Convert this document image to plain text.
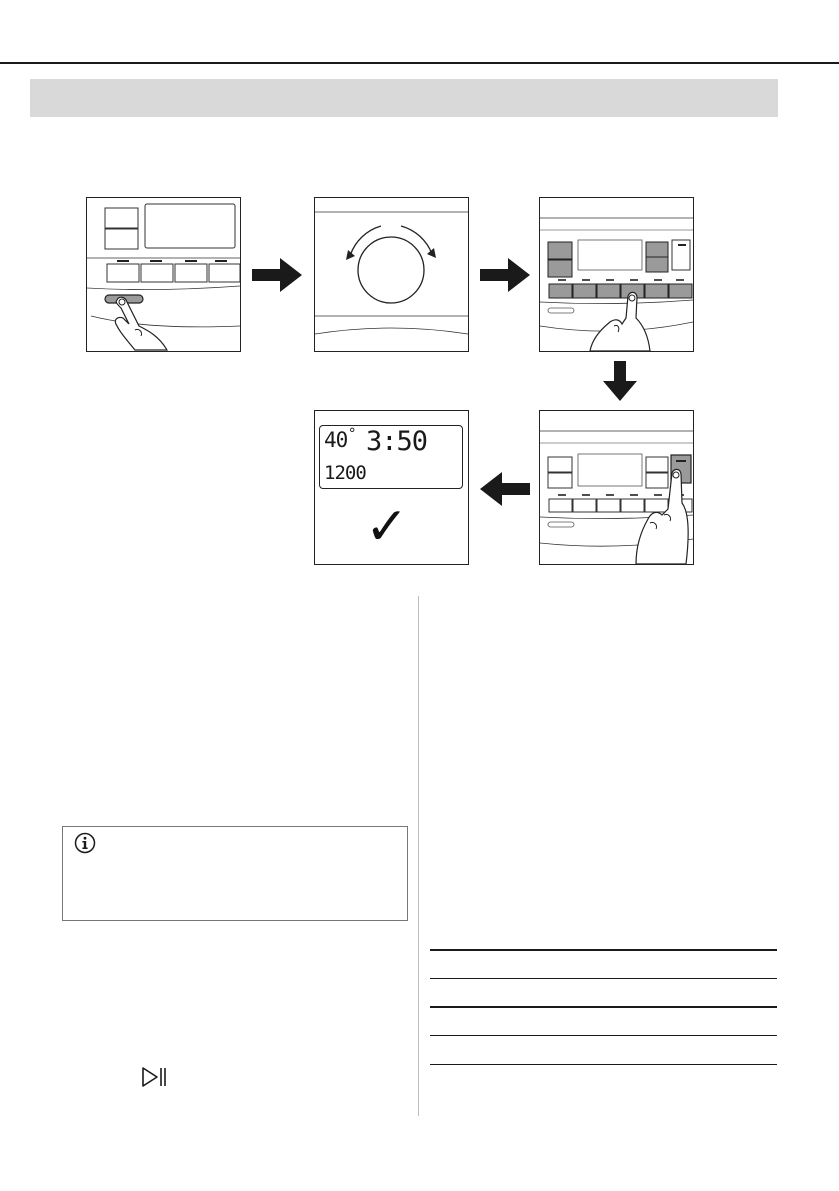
40 ° 3:50
1200
✓
